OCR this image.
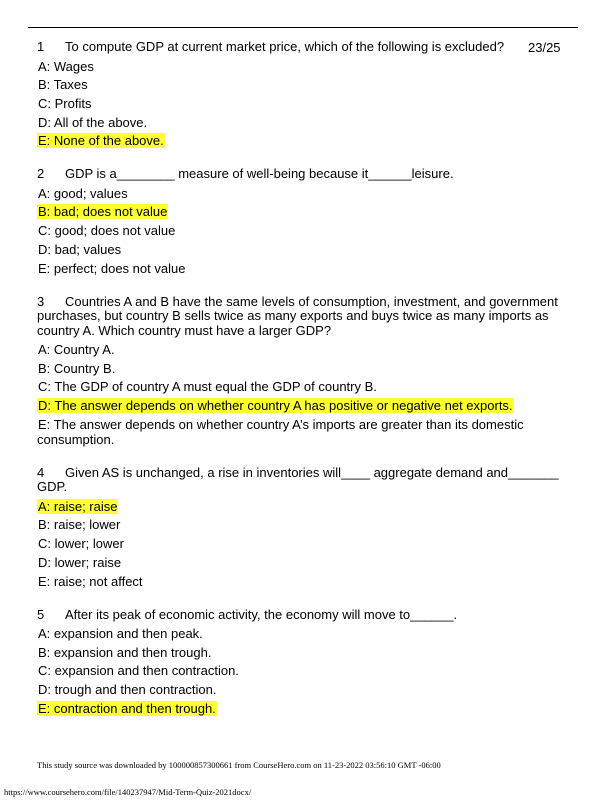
23/25
1 To compute GDP at current market price, which of the following is excluded?
A: Wages
B: Taxes
C: Profits
D: All of the above.
E: None of the above.
2 GDP is a________ measure of well-being because it______leisure.
A: good; values
B: bad; does not value
C: good; does not value
D: bad; values
E: perfect; does not value
3 Countries A and B have the same levels of consumption, investment, and government purchases, but country B sells twice as many exports and buys twice as many imports as country A. Which country must have a larger GDP?
A: Country A.
B: Country B.
C: The GDP of country A must equal the GDP of country B.
D: The answer depends on whether country A has positive or negative net exports.
E: The answer depends on whether country A’s imports are greater than its domestic consumption.
4 Given AS is unchanged, a rise in inventories will____ aggregate demand and_______ GDP.
A: raise; raise
B: raise; lower
C: lower; lower
D: lower; raise
E: raise; not affect
5 After its peak of economic activity, the economy will move to______.
A: expansion and then peak.
B: expansion and then trough.
C: expansion and then contraction.
D: trough and then contraction.
E: contraction and then trough.
This study source was downloaded by 100000857300661 from CourseHero.com on 11-23-2022 03:56:10 GMT -06:00
https://www.coursehero.com/file/140237947/Mid-Term-Quiz-2021docx/
